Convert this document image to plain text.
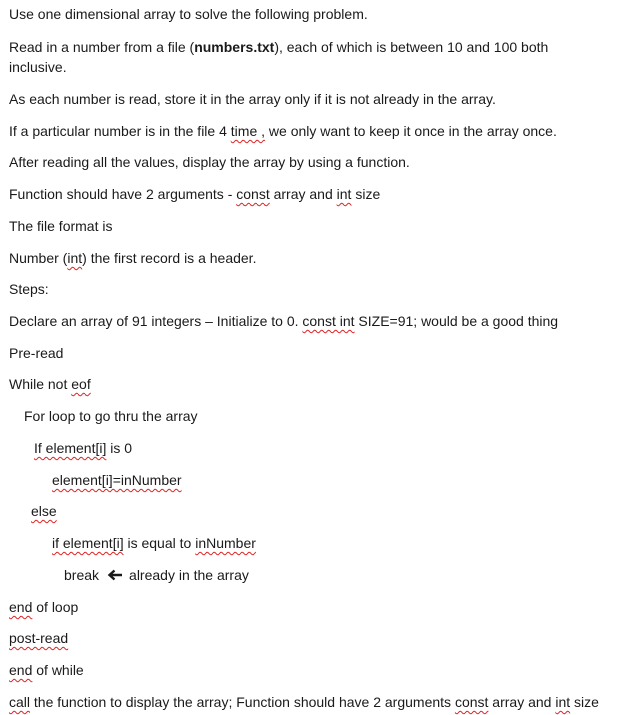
Use one dimensional array to solve the following problem.
Read in a number from a file (numbers.txt), each of which is between 10 and 100 both inclusive.
As each number is read, store it in the array only if it is not already in the array.
If a particular number is in the file 4 time , we only want to keep it once in the array once.
After reading all the values, display the array by using a function.
Function should have 2 arguments - const array and int size
The file format is
Number (int) the first record is a header.
Steps:
Declare an array of 91 integers – Initialize to 0. const int SIZE=91; would be a good thing
Pre-read
While not eof
For loop to go thru the array
If element[i] is 0
element[i]=inNumber
else
if element[i] is equal to inNumber
break already in the array
end of loop
post-read
end of while
call the function to display the array; Function should have 2 arguments const array and int size
